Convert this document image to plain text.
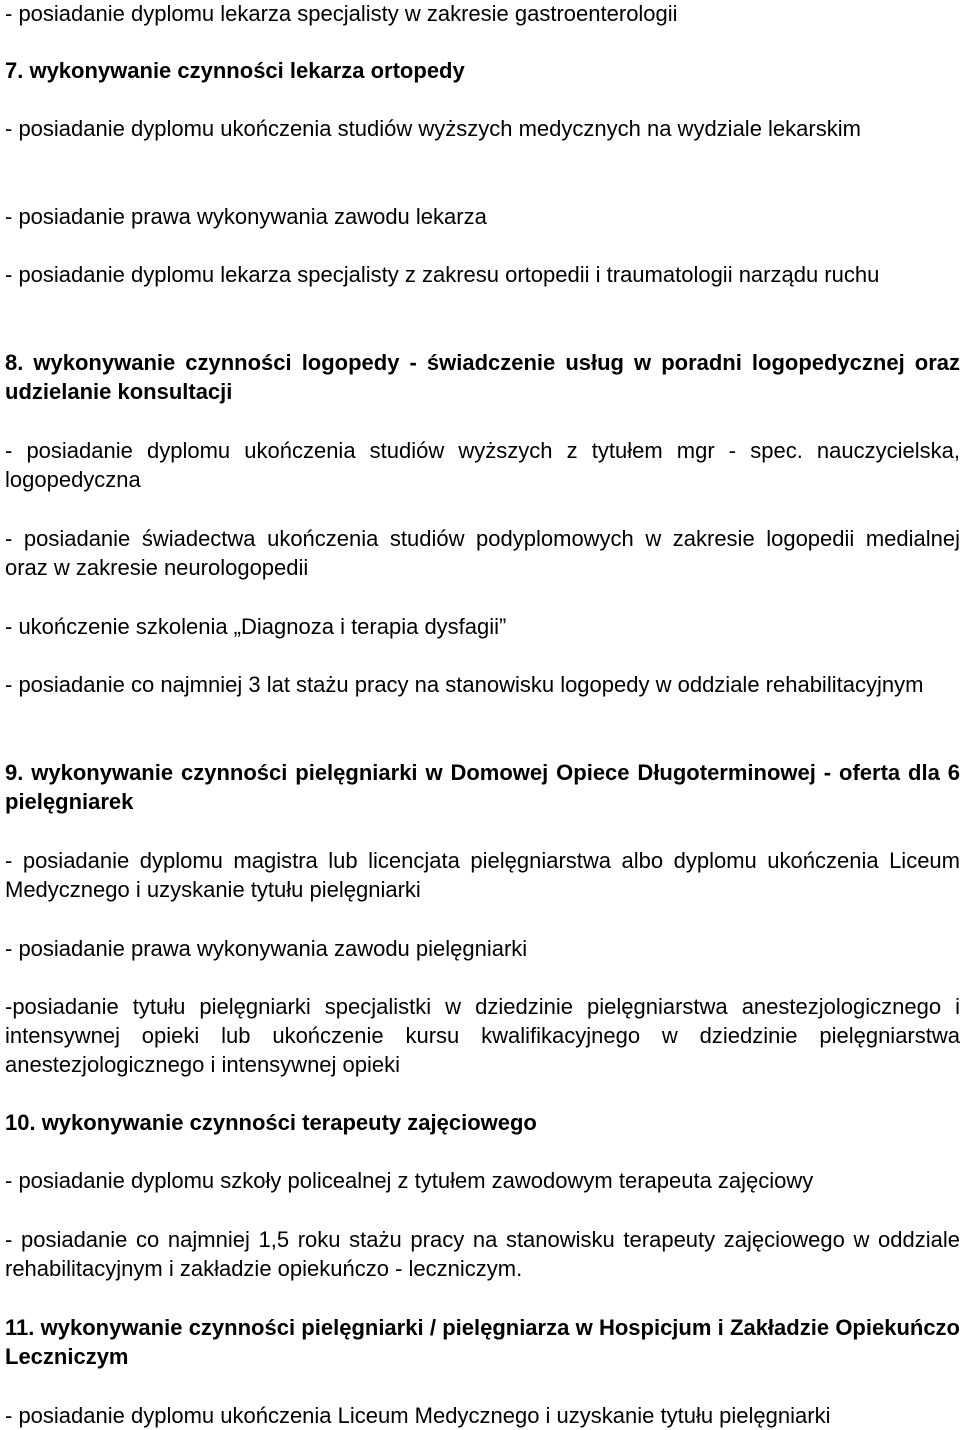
- posiadanie dyplomu lekarza specjalisty w zakresie gastroenterologii

7. wykonywanie czynności lekarza ortopedy

- posiadanie dyplomu ukończenia studiów wyższych medycznych na wydziale lekarskim

- posiadanie prawa wykonywania zawodu lekarza

- posiadanie dyplomu lekarza specjalisty z zakresu ortopedii i traumatologii narządu ruchu

8. wykonywanie czynności logopedy - świadczenie usług w poradni logopedycznej oraz udzielanie konsultacji

- posiadanie dyplomu ukończenia studiów wyższych z tytułem mgr - spec. nauczycielska, logopedyczna

- posiadanie świadectwa ukończenia studiów podyplomowych w zakresie logopedii medialnej oraz w zakresie neurologopedii

- ukończenie szkolenia „Diagnoza i terapia dysfagii”

- posiadanie co najmniej 3 lat stażu pracy na stanowisku logopedy w oddziale rehabilitacyjnym

9. wykonywanie czynności pielęgniarki w Domowej Opiece Długoterminowej - oferta dla 6 pielęgniarek

- posiadanie dyplomu magistra lub licencjata pielęgniarstwa albo dyplomu ukończenia Liceum Medycznego i uzyskanie tytułu pielęgniarki

- posiadanie prawa wykonywania zawodu pielęgniarki

-posiadanie tytułu pielęgniarki specjalistki w dziedzinie pielęgniarstwa anestezjologicznego i intensywnej opieki lub ukończenie kursu kwalifikacyjnego w dziedzinie pielęgniarstwa anestezjologicznego i intensywnej opieki

10. wykonywanie czynności terapeuty zajęciowego

- posiadanie dyplomu szkoły policealnej z tytułem zawodowym terapeuta zajęciowy

- posiadanie co najmniej 1,5 roku stażu pracy na stanowisku terapeuty zajęciowego w oddziale rehabilitacyjnym i zakładzie opiekuńczo - leczniczym.

11. wykonywanie czynności pielęgniarki / pielęgniarza w Hospicjum i Zakładzie Opiekuńczo Leczniczym

- posiadanie dyplomu ukończenia Liceum Medycznego i uzyskanie tytułu pielęgniarki
